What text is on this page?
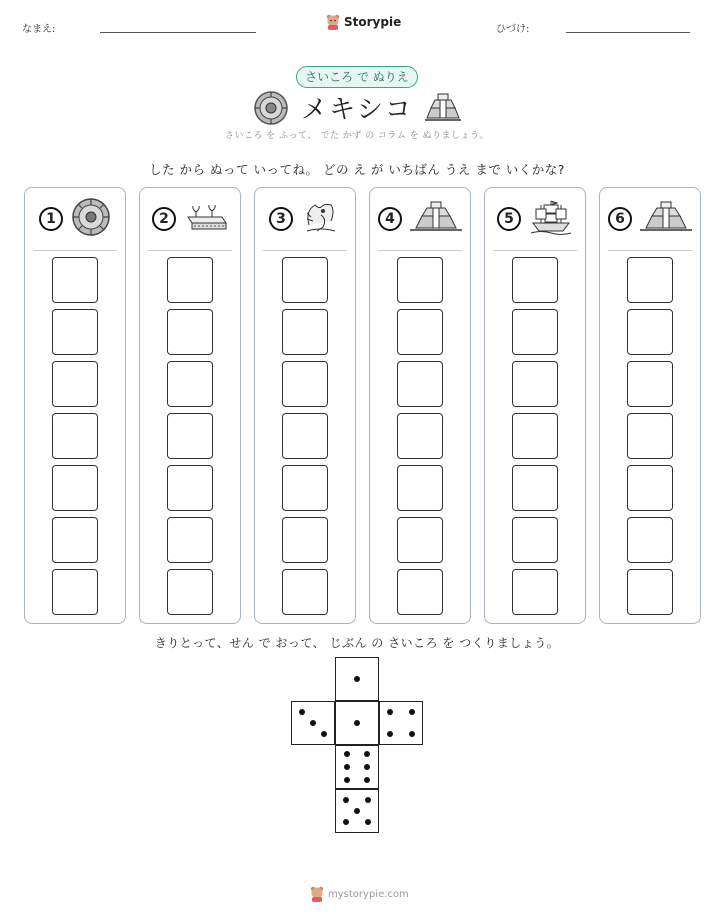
なまえ:
Storypie
ひづけ:
さいころ で ぬりえ
メキシコ
さいころ を ふって、 でた かず の コラム を ぬりましょう。
した から ぬって いってね。 どの え が いちばん うえ まで いくかな?
1	2	3	4	5	6
きりとって、せん で おって、 じぶん の さいころ を つくりましょう。
mystorypie.com
